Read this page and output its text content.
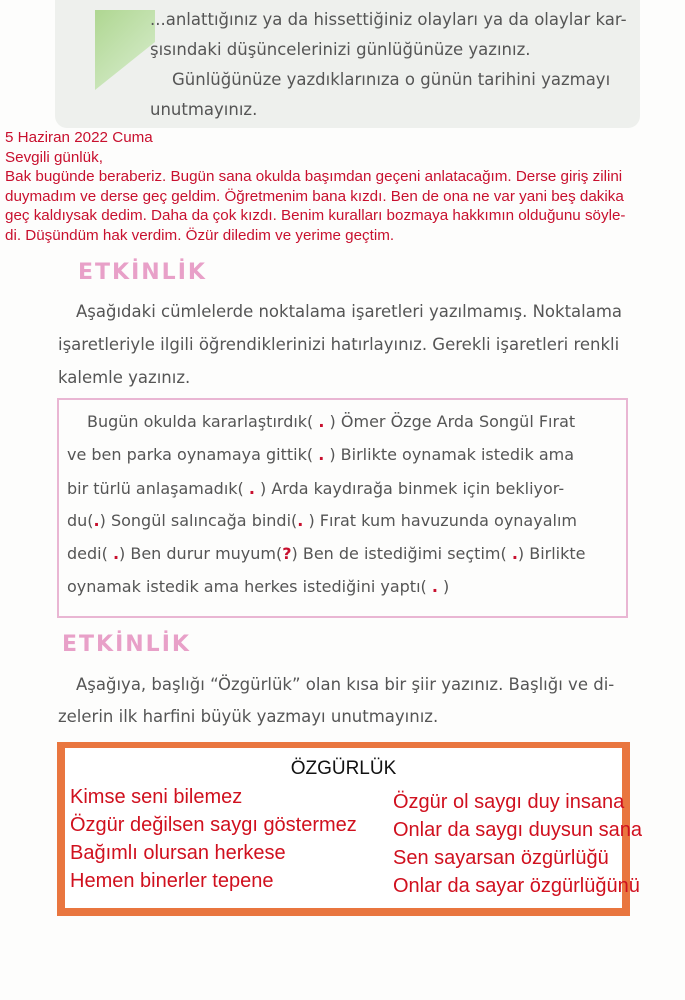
...anlattığınız ya da hissettiğiniz olayları ya da olaylar kar-
şısındaki düşüncelerinizi günlüğünüze yazınız.
Günlüğünüze yazdıklarınıza o günün tarihini yazmayı
unutmayınız.
5 Haziran 2022 Cuma
Sevgili günlük,
Bak bugünde beraberiz. Bugün sana okulda başımdan geçeni anlatacağım. Derse giriş zilini
duymadım ve derse geç geldim. Öğretmenim bana kızdı. Ben de ona ne var yani beş dakika
geç kaldıysak dedim. Daha da çok kızdı. Benim kuralları bozmaya hakkımın olduğunu söyle-
di. Düşündüm hak verdim. Özür diledim ve yerime geçtim.
ETKİNLİK
Aşağıdaki cümlelerde noktalama işaretleri yazılmamış. Noktalama
işaretleriyle ilgili öğrendiklerinizi hatırlayınız. Gerekli işaretleri renkli
kalemle yazınız.
Bugün okulda kararlaştırdık( . ) Ömer Özge Arda Songül Fırat
ve ben parka oynamaya gittik( . ) Birlikte oynamak istedik ama
bir türlü anlaşamadık( . ) Arda kaydırağa binmek için bekliyor-
du(.) Songül salıncağa bindi(. ) Fırat kum havuzunda oynayalım
dedi( .) Ben durur muyum(?) Ben de istediğimi seçtim( .) Birlikte
oynamak istedik ama herkes istediğini yaptı( . )
ETKİNLİK
Aşağıya, başlığı “Özgürlük” olan kısa bir şiir yazınız. Başlığı ve di-
zelerin ilk harfini büyük yazmayı unutmayınız.
ÖZGÜRLÜK
Kimse seni bilemez
Özgür değilsen saygı göstermez
Bağımlı olursan herkese
Hemen binerler tepene
Özgür ol saygı duy insana
Onlar da saygı duysun sana
Sen sayarsan özgürlüğü
Onlar da sayar özgürlüğünü
